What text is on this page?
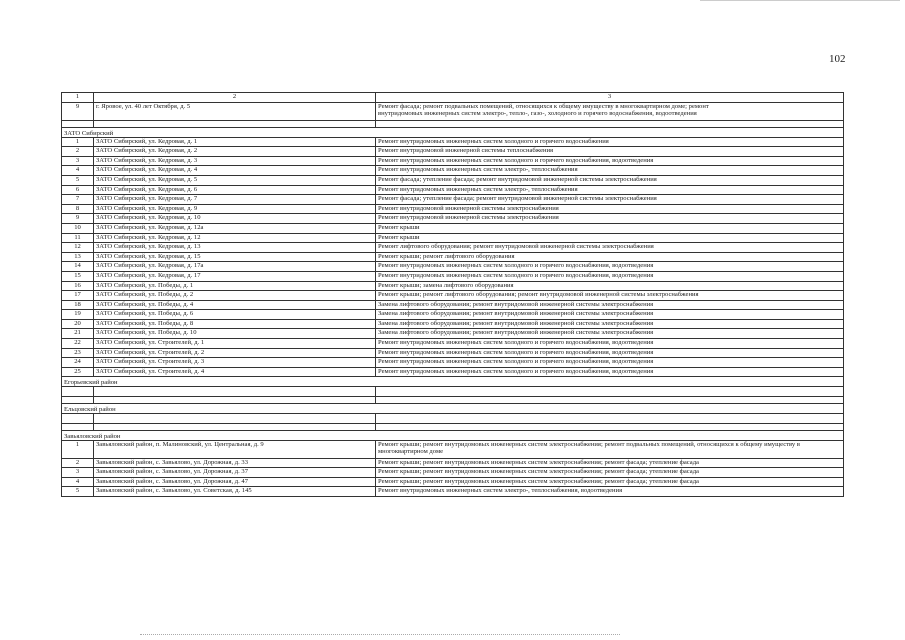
102
1	2	3
9	г. Яровое, ул. 40 лет Октября, д. 5	Ремонт фасада; ремонт подвальных помещений, относящихся к общему имуществу в многоквартирном доме; ремонт
внутридомовых инженерных систем электро-, тепло-, газо-, холодного и горячего водоснабжения, водоотведения

ЗАТО Сибирский		
1	ЗАТО Сибирский, ул. Кедровая, д. 1	Ремонт внутридомовых инженерных систем холодного и горячего водоснабжения
2	ЗАТО Сибирский, ул. Кедровая, д. 2	Ремонт внутридомовой инженерной системы теплоснабжения
3	ЗАТО Сибирский, ул. Кедровая, д. 3	Ремонт внутридомовых инженерных систем холодного и горячего водоснабжения, водоотведения
4	ЗАТО Сибирский, ул. Кедровая, д. 4	Ремонт внутридомовых инженерных систем электро-, теплоснабжения
5	ЗАТО Сибирский, ул. Кедровая, д. 5	Ремонт фасада; утепление фасада; ремонт внутридомовой инженерной системы электроснабжения
6	ЗАТО Сибирский, ул. Кедровая, д. 6	Ремонт внутридомовых инженерных систем электро-, теплоснабжения
7	ЗАТО Сибирский, ул. Кедровая, д. 7	Ремонт фасада; утепление фасада; ремонт внутридомовой инженерной системы электроснабжения
8	ЗАТО Сибирский, ул. Кедровая, д. 9	Ремонт внутридомовой инженерной системы электроснабжения
9	ЗАТО Сибирский, ул. Кедровая, д. 10	Ремонт внутридомовой инженерной системы электроснабжения
10	ЗАТО Сибирский, ул. Кедровая, д. 12а	Ремонт крыши
11	ЗАТО Сибирский, ул. Кедровая, д. 12	Ремонт крыши
12	ЗАТО Сибирский, ул. Кедровая, д. 13	Ремонт лифтового оборудования; ремонт внутридомовой инженерной системы электроснабжения
13	ЗАТО Сибирский, ул. Кедровая, д. 15	Ремонт крыши; ремонт лифтового оборудования
14	ЗАТО Сибирский, ул. Кедровая, д. 17а	Ремонт внутридомовых инженерных систем холодного и горячего водоснабжения, водоотведения
15	ЗАТО Сибирский, ул. Кедровая, д. 17	Ремонт внутридомовых инженерных систем холодного и горячего водоснабжения, водоотведения
16	ЗАТО Сибирский, ул. Победы, д. 1	Ремонт крыши; замена лифтового оборудования
17	ЗАТО Сибирский, ул. Победы, д. 2	Ремонт крыши; ремонт лифтового оборудования; ремонт внутридомовой инженерной системы электроснабжения
18	ЗАТО Сибирский, ул. Победы, д. 4	Замена лифтового оборудования; ремонт внутридомовой инженерной системы электроснабжения
19	ЗАТО Сибирский, ул. Победы, д. 6	Замена лифтового оборудования; ремонт внутридомовой инженерной системы электроснабжения
20	ЗАТО Сибирский, ул. Победы, д. 8	Замена лифтового оборудования; ремонт внутридомовой инженерной системы электроснабжения
21	ЗАТО Сибирский, ул. Победы, д. 10	Замена лифтового оборудования; ремонт внутридомовой инженерной системы электроснабжения
22	ЗАТО Сибирский, ул. Строителей, д. 1	Ремонт внутридомовых инженерных систем холодного и горячего водоснабжения, водоотведения
23	ЗАТО Сибирский, ул. Строителей, д. 2	Ремонт внутридомовых инженерных систем холодного и горячего водоснабжения, водоотведения
24	ЗАТО Сибирский, ул. Строителей, д. 3	Ремонт внутридомовых инженерных систем холодного и горячего водоснабжения, водоотведения
25	ЗАТО Сибирский, ул. Строителей, д. 4	Ремонт внутридомовых инженерных систем холодного и горячего водоснабжения, водоотведения
Егорьевский район		

Ельцовский район		

Завьяловский район		
1	Завьяловский район, п. Малиновский, ул. Центральная, д. 9	Ремонт крыши; ремонт внутридомовых инженерных систем электроснабжения; ремонт подвальных помещений, относящихся к общему имуществу в многоквартирном доме
2	Завьяловский район, с. Завьялово, ул. Дорожная, д. 33	Ремонт крыши; ремонт внутридомовых инженерных систем электроснабжения; ремонт фасада; утепление фасада
3	Завьяловский район, с. Завьялово, ул. Дорожная, д. 37	Ремонт крыши; ремонт внутридомовых инженерных систем электроснабжения; ремонт фасада; утепление фасада
4	Завьяловский район, с. Завьялово, ул. Дорожная, д. 47	Ремонт крыши; ремонт внутридомовых инженерных систем электроснабжения; ремонт фасада; утепление фасада
5	Завьяловский район, с. Завьялово, ул. Советская, д. 145	Ремонт внутридомовых инженерных систем электро-, теплоснабжения, водоотведения
